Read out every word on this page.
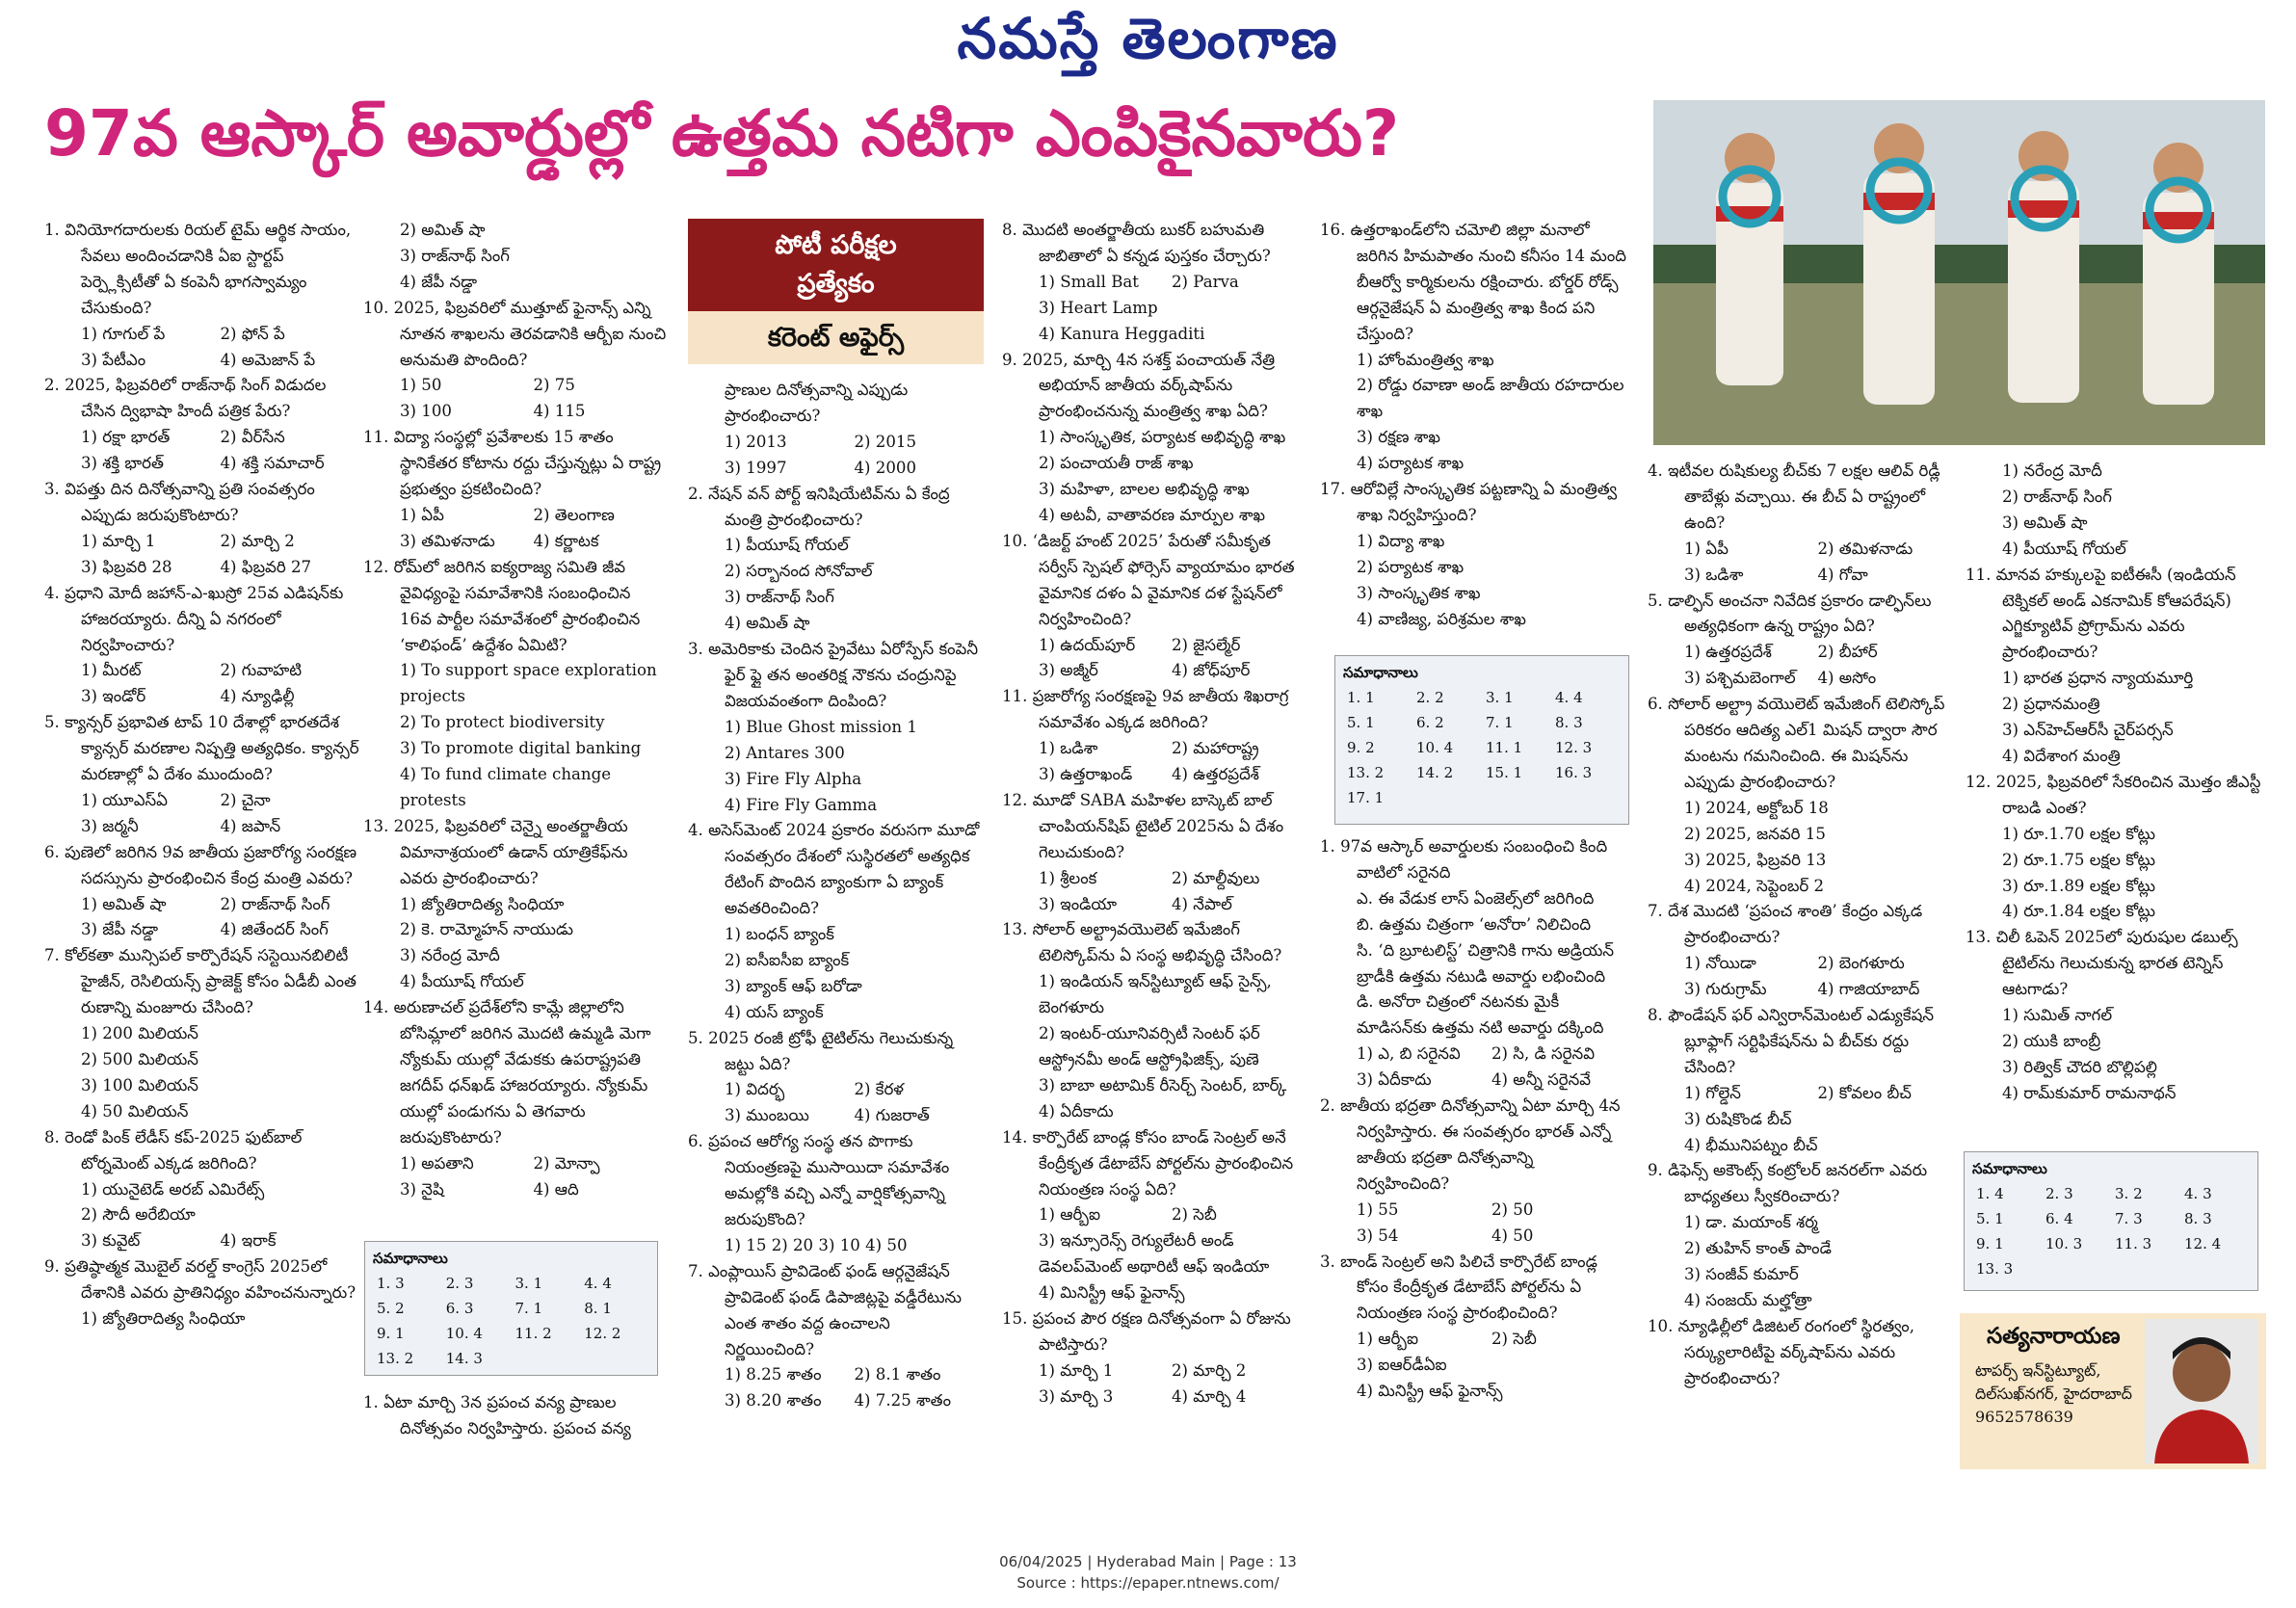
నమస్తే తెలంగాణ
97వ ఆస్కార్ అవార్డుల్లో ఉత్తమ నటిగా ఎంపికైనవారు?
పోటీ పరీక్షల
ప్రత్యేకం
కరెంట్ అఫైర్స్

1. వినియోగదారులకు రియల్ టైమ్ ఆర్థిక సాయం, సేవలు అందించడానికి ఏఐ స్టార్టప్ పెర్ప్లెక్సిటీతో ఏ కంపెనీ భాగస్వామ్యం చేసుకుంది?

1) గూగుల్ పే	2) ఫోన్ పే
3) పేటీఎం	4) అమెజాన్ పే

2. 2025, ఫిబ్రవరిలో రాజ్‌నాథ్ సింగ్ విడుదల చేసిన ద్విభాషా హిందీ పత్రిక పేరు?

1) రక్షా భారత్	2) వీర్‌సేన
3) శక్తి భారత్	4) శక్తి సమాచార్

3. విపత్తు దిన దినోత్సవాన్ని ప్రతి సంవత్సరం ఎప్పుడు జరుపుకొంటారు?

1) మార్చి 1	2) మార్చి 2
3) ఫిబ్రవరి 28	4) ఫిబ్రవరి 27

4. ప్రధాని మోదీ జహాన్-ఎ-ఖుస్రో 25వ ఎడిషన్‌కు హాజరయ్యారు. దీన్ని ఏ నగరంలో నిర్వహించారు?

1) మీరట్	2) గువాహటి
3) ఇండోర్	4) న్యూఢిల్లీ

5. క్యాన్సర్ ప్రభావిత టాప్ 10 దేశాల్లో భారతదేశ క్యాన్సర్ మరణాల నిష్పత్తి అత్యధికం. క్యాన్సర్ మరణాల్లో ఏ దేశం ముందుంది?

1) యూఎస్ఏ	2) చైనా
3) జర్మనీ	4) జపాన్

6. పుణెలో జరిగిన 9వ జాతీయ ప్రజారోగ్య సంరక్షణ సదస్సును ప్రారంభించిన కేంద్ర మంత్రి ఎవరు?

1) అమిత్ షా	2) రాజ్‌నాథ్ సింగ్
3) జేపీ నడ్డా	4) జితేందర్ సింగ్

7. కోల్‌కతా మున్సిపల్ కార్పొరేషన్ సస్టెయినబిలిటీ హైజీన్, రెసిలియన్స్ ప్రాజెక్ట్ కోసం ఏడీబీ ఎంత రుణాన్ని మంజూరు చేసింది?

1) 200 మిలియన్

2) 500 మిలియన్

3) 100 మిలియన్

4) 50 మిలియన్

8. రెండో పింక్ లేడీస్ కప్-2025 ఫుట్‌బాల్ టోర్నమెంట్ ఎక్కడ జరిగింది?

1) యునైటెడ్ అరబ్ ఎమిరేట్స్

2) సౌదీ అరేబియా

3) కువైట్	4) ఇరాక్

9. ప్రతిష్ఠాత్మక మొబైల్ వరల్డ్ కాంగ్రెస్ 2025లో దేశానికి ఎవరు ప్రాతినిధ్యం వహించనున్నారు?

1) జ్యోతిరాదిత్య సింధియా

2) అమిత్ షా

3) రాజ్‌నాథ్ సింగ్

4) జేపీ నడ్డా

10. 2025, ఫిబ్రవరిలో ముత్తూట్ ఫైనాన్స్ ఎన్ని నూతన శాఖలను తెరవడానికి ఆర్బీఐ నుంచి అనుమతి పొందింది?

1) 50	2) 75
3) 100	4) 115

11. విద్యా సంస్థల్లో ప్రవేశాలకు 15 శాతం స్థానికేతర కోటాను రద్దు చేస్తున్నట్లు ఏ రాష్ట్ర ప్రభుత్వం ప్రకటించింది?

1) ఏపీ	2) తెలంగాణ
3) తమిళనాడు	4) కర్ణాటక

12. రోమ్‌లో జరిగిన ఐక్యరాజ్య సమితి జీవ వైవిధ్యంపై సమావేశానికి సంబంధించిన 16వ పార్టీల సమావేశంలో ప్రారంభించిన ‘కాలిఫండ్’ ఉద్దేశం ఏమిటి?

1) To support space exploration projects

2) To protect biodiversity

3) To promote digital banking

4) To fund climate change protests

13. 2025, ఫిబ్రవరిలో చెన్నై అంతర్జాతీయ విమానాశ్రయంలో ఉడాన్ యాత్రికేఫ్‌ను ఎవరు ప్రారంభించారు?

1) జ్యోతిరాదిత్య సింధియా

2) కె. రామ్మోహన్ నాయుడు

3) నరేంద్ర మోదీ

4) పీయూష్ గోయల్

14. అరుణాచల్ ప్రదేశ్‌లోని కామ్లే జిల్లాలోని బోసిమ్లాలో జరిగిన మొదటి ఉమ్మడి మెగా న్యోకుమ్ యుల్లో వేడుకకు ఉపరాష్ట్రపతి జగదీప్ ధన్‌ఖడ్ హాజరయ్యారు. న్యోకుమ్ యుల్లో పండుగను ఏ తెగవారు జరుపుకొంటారు?

1) అపతాని	2) మోన్పా
3) నైషి	4) ఆది

1. ఏటా మార్చి 3న ప్రపంచ వన్య ప్రాణుల దినోత్సవం నిర్వహిస్తారు. ప్రపంచ వన్య

ప్రాణుల దినోత్సవాన్ని ఎప్పుడు ప్రారంభించారు?

1) 2013	2) 2015
3) 1997	4) 2000

2. నేషన్ వన్ పోర్ట్ ఇనిషియేటివ్‌ను ఏ కేంద్ర మంత్రి ప్రారంభించారు?

1) పీయూష్ గోయల్

2) సర్బానంద సోనోవాల్

3) రాజ్‌నాథ్ సింగ్

4) అమిత్ షా

3. అమెరికాకు చెందిన ప్రైవేటు ఏరోస్పేస్ కంపెనీ ఫైర్ ఫ్లై తన అంతరిక్ష నౌకను చంద్రునిపై విజయవంతంగా దింపింది?

1) Blue Ghost mission 1

2) Antares 300

3) Fire Fly Alpha

4) Fire Fly Gamma

4. అసెస్‌మెంట్ 2024 ప్రకారం వరుసగా మూడో సంవత్సరం దేశంలో సుస్థిరతలో అత్యధిక రేటింగ్ పొందిన బ్యాంకుగా ఏ బ్యాంక్ అవతరించింది?

1) బంధన్ బ్యాంక్

2) ఐసీఐసీఐ బ్యాంక్

3) బ్యాంక్ ఆఫ్ బరోడా

4) యస్ బ్యాంక్

5. 2025 రంజీ ట్రోఫీ టైటిల్‌ను గెలుచుకున్న జట్టు ఏది?

1) విదర్భ	2) కేరళ
3) ముంబయి	4) గుజరాత్

6. ప్రపంచ ఆరోగ్య సంస్థ తన పొగాకు నియంత్రణపై ముసాయిదా సమావేశం అమల్లోకి వచ్చి ఎన్నో వార్షికోత్సవాన్ని జరుపుకొంది?

1) 15 2) 20 3) 10 4) 50

7. ఎంప్లాయిస్ ప్రావిడెంట్ ఫండ్ ఆర్గనైజేషన్ ప్రావిడెంట్ ఫండ్ డిపాజిట్లపై వడ్డీరేటును ఎంత శాతం వద్ద ఉంచాలని నిర్ణయించింది?

1) 8.25 శాతం	2) 8.1 శాతం
3) 8.20 శాతం	4) 7.25 శాతం

8. మొదటి అంతర్జాతీయ బుకర్ బహుమతి జాబితాలో ఏ కన్నడ పుస్తకం చేర్చారు?

1) Small Bat	2) Parva

3) Heart Lamp

4) Kanura Heggaditi

9. 2025, మార్చి 4న సశక్త్ పంచాయత్ నేత్రి అభియాన్ జాతీయ వర్క్‌షాప్‌ను ప్రారంభించనున్న మంత్రిత్వ శాఖ ఏది?

1) సాంస్కృతిక, పర్యాటక అభివృద్ధి శాఖ

2) పంచాయతీ రాజ్ శాఖ

3) మహిళా, బాలల అభివృద్ధి శాఖ

4) అటవీ, వాతావరణ మార్పుల శాఖ

10. ‘డిజర్ట్ హంట్ 2025’ పేరుతో సమీకృత సర్వీస్ స్పెషల్ ఫోర్సెస్ వ్యాయామం భారత వైమానిక దళం ఏ వైమానిక దళ స్టేషన్‌లో నిర్వహించింది?

1) ఉదయ్‌పూర్	2) జైసల్మేర్
3) అజ్మీర్	4) జోధ్‌పూర్

11. ప్రజారోగ్య సంరక్షణపై 9వ జాతీయ శిఖరాగ్ర సమావేశం ఎక్కడ జరిగింది?

1) ఒడిశా	2) మహారాష్ట్ర
3) ఉత్తరాఖండ్	4) ఉత్తరప్రదేశ్

12. మూడో SABA మహిళల బాస్కెట్ బాల్ చాంపియన్‌షిప్ టైటిల్ 2025ను ఏ దేశం గెలుచుకుంది?

1) శ్రీలంక	2) మాల్దీవులు
3) ఇండియా	4) నేపాల్

13. సోలార్ అల్ట్రావయొలెట్ ఇమేజింగ్ టెలిస్కోప్‌ను ఏ సంస్థ అభివృద్ధి చేసింది?

1) ఇండియన్ ఇన్‌స్టిట్యూట్ ఆఫ్ సైన్స్, బెంగళూరు

2) ఇంటర్-యూనివర్సిటీ సెంటర్ ఫర్ ఆస్ట్రోనమీ అండ్ ఆస్ట్రోఫిజిక్స్, పుణె

3) బాబా అటామిక్ రీసెర్చ్ సెంటర్, బార్క్ 4) ఏదీకాదు

14. కార్పొరేట్ బాండ్ల కోసం బాండ్ సెంట్రల్ అనే కేంద్రీకృత డేటాబేస్ పోర్టల్‌ను ప్రారంభించిన నియంత్రణ సంస్థ ఏది?

1) ఆర్బీఐ	2) సెబీ

3) ఇన్సూరెన్స్ రెగ్యులేటరీ అండ్ డెవలప్‌మెంట్ అథారిటీ ఆఫ్ ఇండియా

4) మినిస్ట్రీ ఆఫ్ ఫైనాన్స్

15. ప్రపంచ పౌర రక్షణ దినోత్సవంగా ఏ రోజును పాటిస్తారు?

1) మార్చి 1	2) మార్చి 2
3) మార్చి 3	4) మార్చి 4

16. ఉత్తరాఖండ్‌లోని చమోలి జిల్లా మనాలో జరిగిన హిమపాతం నుంచి కనీసం 14 మంది బీఆర్వో కార్మికులను రక్షించారు. బోర్డర్ రోడ్స్ ఆర్గనైజేషన్ ఏ మంత్రిత్వ శాఖ కింద పని చేస్తుంది?

1) హోంమంత్రిత్వ శాఖ

2) రోడ్డు రవాణా అండ్ జాతీయ రహదారుల శాఖ

3) రక్షణ శాఖ

4) పర్యాటక శాఖ

17. ఆరోవిల్లే సాంస్కృతిక పట్టణాన్ని ఏ మంత్రిత్వ శాఖ నిర్వహిస్తుంది?

1) విద్యా శాఖ

2) పర్యాటక శాఖ

3) సాంస్కృతిక శాఖ

4) వాణిజ్య, పరిశ్రమల శాఖ

1. 97వ ఆస్కార్ అవార్డులకు సంబంధించి కింది వాటిలో సరైనది

ఎ. ఈ వేడుక లాస్ ఏంజెల్స్‌లో జరిగింది

బి. ఉత్తమ చిత్రంగా ‘అనోరా’ నిలిచింది

సి. ‘ది బ్రూటలిస్ట్’ చిత్రానికి గాను అడ్రియన్ బ్రాడీకి ఉత్తమ నటుడి అవార్డు లభించింది

డి. అనోరా చిత్రంలో నటనకు మైకీ మాడిసన్‌కు ఉత్తమ నటి అవార్డు దక్కింది

1) ఎ, బి సరైనవి	2) సి, డి సరైనవి
3) ఏదీకాదు	4) అన్నీ సరైనవే

2. జాతీయ భద్రతా దినోత్సవాన్ని ఏటా మార్చి 4న నిర్వహిస్తారు. ఈ సంవత్సరం భారత్ ఎన్నో జాతీయ భద్రతా దినోత్సవాన్ని నిర్వహించింది?

1) 55	2) 50
3) 54	4) 50

3. బాండ్ సెంట్రల్ అని పిలిచే కార్పొరేట్ బాండ్ల కోసం కేంద్రీకృత డేటాబేస్ పోర్టల్‌ను ఏ నియంత్రణ సంస్థ ప్రారంభించింది?

1) ఆర్బీఐ	2) సెబీ

3) ఐఆర్‌డీఏఐ

4) మినిస్ట్రీ ఆఫ్ ఫైనాన్స్

4. ఇటీవల రుషికుల్య బీచ్‌కు 7 లక్షల ఆలివ్ రిడ్లీ తాబేళ్లు వచ్చాయి. ఈ బీచ్ ఏ రాష్ట్రంలో ఉంది?

1) ఏపీ	2) తమిళనాడు
3) ఒడిశా	4) గోవా

5. డాల్ఫిన్ అంచనా నివేదిక ప్రకారం డాల్ఫిన్‌లు అత్యధికంగా ఉన్న రాష్ట్రం ఏది?

1) ఉత్తరప్రదేశ్	2) బీహార్
3) పశ్చిమబెంగాల్	4) అసోం

6. సోలార్ అల్ట్రా వయొలెట్ ఇమేజింగ్ టెలిస్కోప్ పరికరం ఆదిత్య ఎల్1 మిషన్ ద్వారా సౌర మంటను గమనించింది. ఈ మిషన్‌ను ఎప్పుడు ప్రారంభించారు?

1) 2024, అక్టోబర్ 18

2) 2025, జనవరి 15

3) 2025, ఫిబ్రవరి 13

4) 2024, సెప్టెంబర్ 2

7. దేశ మొదటి ‘ప్రపంచ శాంతి’ కేంద్రం ఎక్కడ ప్రారంభించారు?

1) నోయిడా	2) బెంగళూరు
3) గురుగ్రామ్	4) గాజియాబాద్

8. ఫౌండేషన్ ఫర్ ఎన్విరాన్‌మెంటల్ ఎడ్యుకేషన్ బ్లూఫ్లాగ్ సర్టిఫికేషన్‌ను ఏ బీచ్‌కు రద్దు చేసింది?

1) గోల్డెన్	2) కోవలం బీచ్

3) రుషికొండ బీచ్

4) భీమునిపట్నం బీచ్

9. డిఫెన్స్ అకౌంట్స్ కంట్రోలర్ జనరల్‌గా ఎవరు బాధ్యతలు స్వీకరించారు?

1) డా. మయాంక్ శర్మ

2) తుహిన్ కాంత్ పాండే

3) సంజీవ్ కుమార్

4) సంజయ్ మల్హోత్రా

10. న్యూఢిల్లీలో డిజిటల్ రంగంలో స్థిరత్వం, సర్క్యులారిటీపై వర్క్‌షాప్‌ను ఎవరు ప్రారంభించారు?

1) నరేంద్ర మోదీ

2) రాజ్‌నాథ్ సింగ్

3) అమిత్ షా

4) పీయూష్ గోయల్

11. మానవ హక్కులపై ఐటీఈసీ (ఇండియన్ టెక్నికల్ అండ్ ఎకనామిక్ కోఆపరేషన్) ఎగ్జిక్యూటివ్ ప్రోగ్రామ్‌ను ఎవరు ప్రారంభించారు?

1) భారత ప్రధాన న్యాయమూర్తి

2) ప్రధానమంత్రి

3) ఎన్‌హెచ్‌ఆర్‌సీ చైర్‌పర్సన్

4) విదేశాంగ మంత్రి

12. 2025, ఫిబ్రవరిలో సేకరించిన మొత్తం జీఎస్టీ రాబడి ఎంత?

1) రూ.1.70 లక్షల కోట్లు

2) రూ.1.75 లక్షల కోట్లు

3) రూ.1.89 లక్షల కోట్లు

4) రూ.1.84 లక్షల కోట్లు

13. చిలీ ఓపెన్ 2025లో పురుషుల డబుల్స్ టైటిల్‌ను గెలుచుకున్న భారత టెన్నిస్ ఆటగాడు?

1) సుమిత్ నాగల్

2) యుకి బాంబ్రీ

3) రిత్విక్ చౌదరి బొల్లిపల్లి

4) రామ్‌కుమార్ రామనాథన్

సమాధానాలు
1. 3	2. 3	3. 1	4. 4
5. 2	6. 3	7. 1	8. 1
9. 1	10. 4	11. 2	12. 2
13. 2	14. 3		
సమాధానాలు
1. 1	2. 2	3. 1	4. 4
5. 1	6. 2	7. 1	8. 3
9. 2	10. 4	11. 1	12. 3
13. 2	14. 2	15. 1	16. 3
17. 1			
సమాధానాలు
1. 4	2. 3	3. 2	4. 3
5. 1	6. 4	7. 3	8. 3
9. 1	10. 3	11. 3	12. 4
13. 3			
సత్యనారాయణ
టాపర్స్ ఇన్‌స్టిట్యూట్,
దిల్‌సుఖ్‌నగర్, హైదరాబాద్
9652578639
06/04/2025 | Hyderabad Main | Page : 13
Source : https://epaper.ntnews.com/
